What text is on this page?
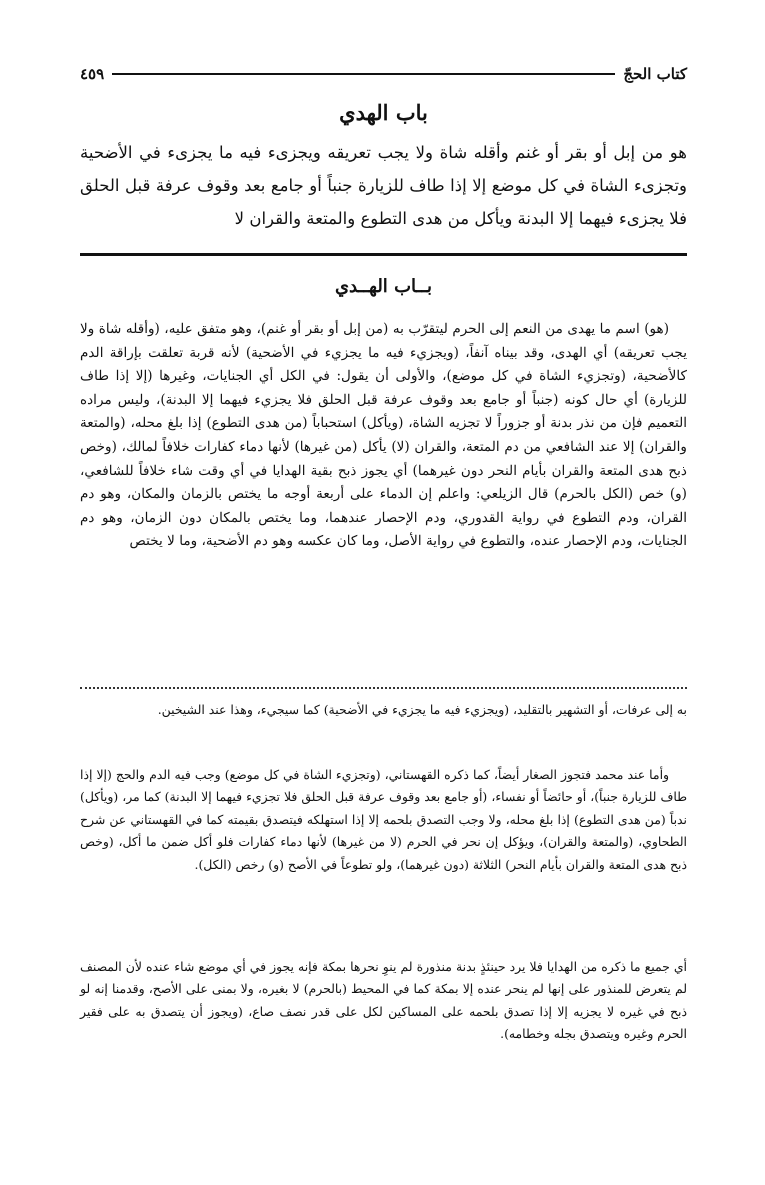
كتاب الحجّ
٤٥٩
باب الهدي

هو من إبل أو بقر أو غنم وأقله شاة ولا يجب تعريقه ويجزىء فيه ما يجزىء في الأضحية وتجزىء الشاة في كل موضع إلا إذا طاف للزيارة جنباً أو جامع بعد وقوف عرفة قبل الحلق فلا يجزىء فيهما إلا البدنة ويأكل من هدى التطوع والمتعة والقران لا

بــاب الهــدي

(هو) اسم ما يهدى من النعم إلى الحرم ليتقرّب به (من إبل أو بقر أو غنم)، وهو متفق عليه، (وأقله شاة ولا يجب تعريقه) أي الهدى، وقد بيناه آنفاً، (ويجزيء فيه ما يجزيء في الأضحية) لأنه قربة تعلقت بإراقة الدم كالأضحية، (وتجزيء الشاة في كل موضع)، والأولى أن يقول: في الكل أي الجنايات، وغيرها (إلا إذا طاف للزيارة) أي حال كونه (جنباً أو جامع بعد وقوف عرفة قبل الحلق فلا يجزيء فيهما إلا البدنة)، وليس مراده التعميم فإن من نذر بدنة أو جزوراً لا تجزيه الشاة، (ويأكل) استحباباً (من هدى التطوع) إذا بلغ محله، (والمتعة والقران) إلا عند الشافعي من دم المتعة، والقران (لا) يأكل (من غيرها) لأنها دماء كفارات خلافاً لمالك، (وخص ذبح هدى المتعة والقران بأيام النحر دون غيرهما) أي يجوز ذبح بقية الهدايا في أي وقت شاء خلافاً للشافعي، (و) خص (الكل بالحرم) قال الزيلعي: واعلم إن الدماء على أربعة أوجه ما يختص بالزمان والمكان، وهو دم القران، ودم التطوع في رواية القدوري، ودم الإحصار عندهما، وما يختص بالمكان دون الزمان، وهو دم الجنايات، ودم الإحصار عنده، والتطوع في رواية الأصل، وما كان عكسه وهو دم الأضحية، وما لا يختص

به إلى عرفات، أو التشهير بالتقليد، (ويجزيء فيه ما يجزيء في الأضحية) كما سيجيء، وهذا عند الشيخين.

وأما عند محمد فتجوز الصغار أيضاً، كما ذكره القهستاني، (وتجزيء الشاة في كل موضع) وجب فيه الدم والحج (إلا إذا طاف للزيارة جنباً)، أو حائضاً أو نفساء، (أو جامع بعد وقوف عرفة قبل الحلق فلا تجزيء فيهما إلا البدنة) كما مر، (ويأكل) ندباً (من هدى التطوع) إذا بلغ محله، ولا وجب التصدق بلحمه إلا إذا استهلكه فيتصدق بقيمته كما في القهستاني عن شرح الطحاوي، (والمتعة والقران)، ويؤكل إن نحر في الحرم (لا من غيرها) لأنها دماء كفارات فلو أكل ضمن ما أكل، (وخص ذبح هدى المتعة والقران بأيام النحر) الثلاثة (دون غيرهما)، ولو تطوعاً في الأصح (و) رخص (الكل).

أي جميع ما ذكره من الهدايا فلا يرد حينئذٍ بدنة منذورة لم ينوِ نحرها بمكة فإنه يجوز في أي موضع شاء عنده لأن المصنف لم يتعرض للمنذور على إنها لم ينحر عنده إلا بمكة كما في المحيط (بالحرم) لا بغيره، ولا بمنى على الأصح، وقدمنا إنه لو ذبح في غيره لا يجزيه إلا إذا تصدق بلحمه على المساكين لكل على قدر نصف صاع، (ويجوز أن يتصدق به على فقير الحرم وغيره ويتصدق بجله وخطامه).
